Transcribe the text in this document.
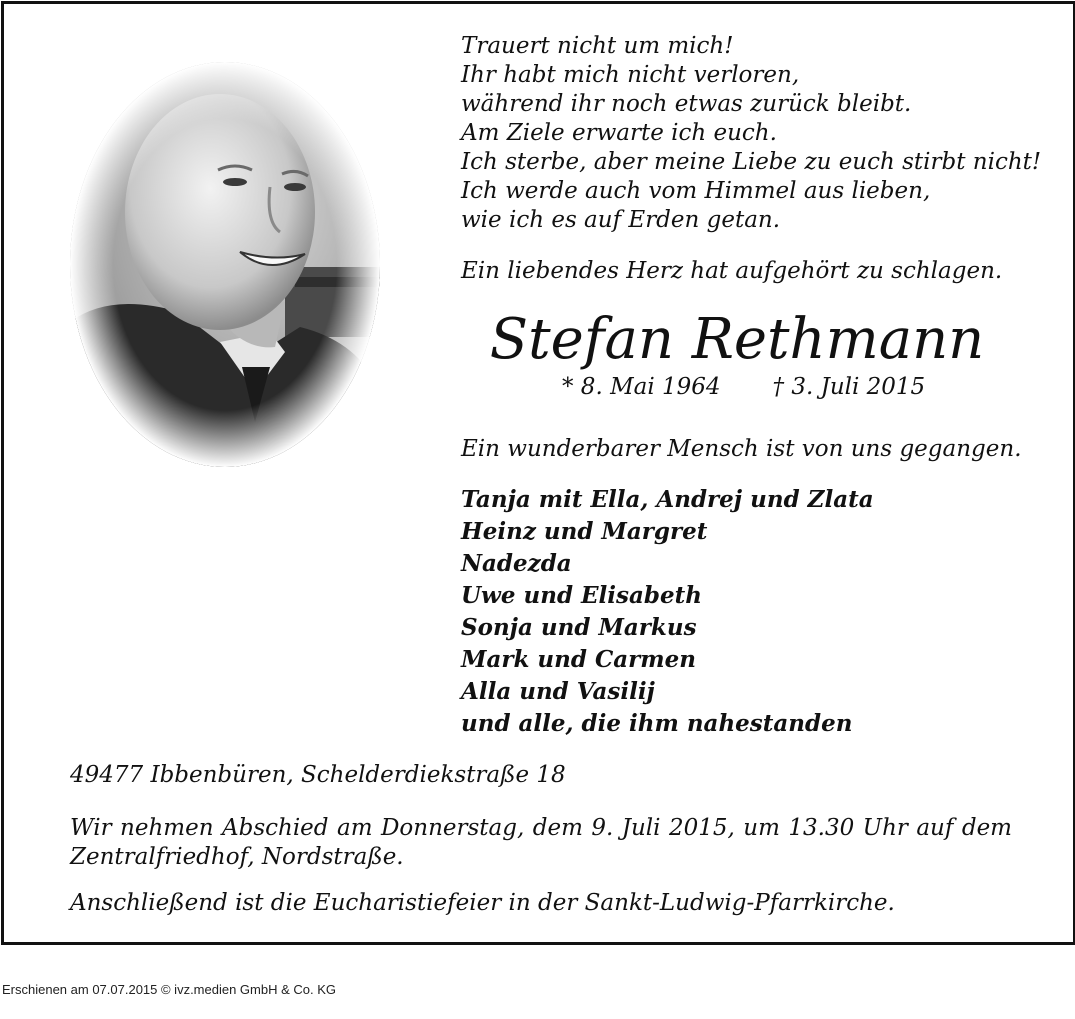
Trauert nicht um mich!
Ihr habt mich nicht verloren,
während ihr noch etwas zurück bleibt.
Am Ziele erwarte ich euch.
Ich sterbe, aber meine Liebe zu euch stirbt nicht!
Ich werde auch vom Himmel aus lieben,
wie ich es auf Erden getan.
Ein liebendes Herz hat aufgehört zu schlagen.
Stefan Rethmann
* 8. Mai 1964 † 3. Juli 2015
Ein wunderbarer Mensch ist von uns gegangen.
Tanja mit Ella, Andrej und Zlata
Heinz und Margret
Nadezda
Uwe und Elisabeth
Sonja und Markus
Mark und Carmen
Alla und Vasilij
und alle, die ihm nahestanden
49477 Ibbenbüren, Schelderdiekstraße 18
Wir nehmen Abschied am Donnerstag, dem 9. Juli 2015, um 13.30 Uhr auf dem
Zentralfriedhof, Nordstraße.
Anschließend ist die Eucharistiefeier in der Sankt-Ludwig-Pfarrkirche.
Erschienen am 07.07.2015 © ivz.medien GmbH & Co. KG
